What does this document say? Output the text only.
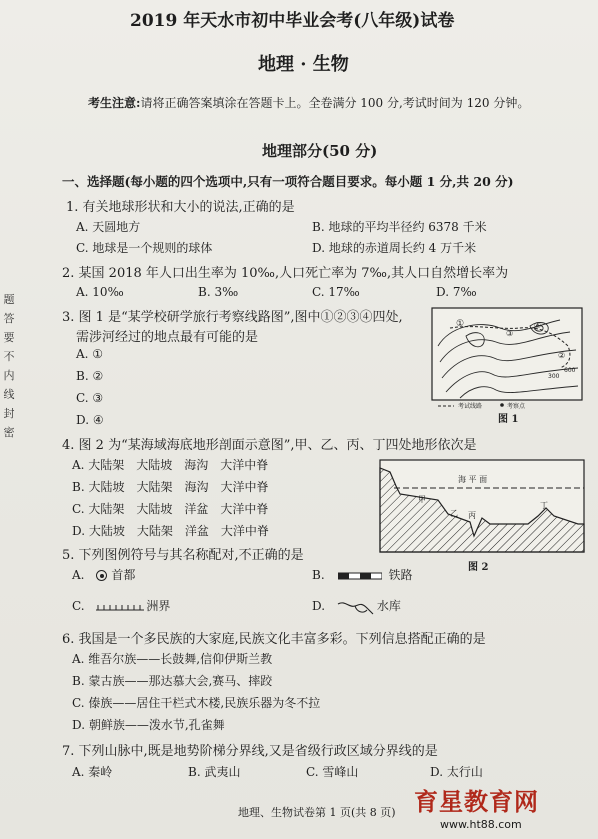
题
答
要
不
内
线
封
密
2019 年天水市初中毕业会考(八年级)试卷
地理 · 生物
考生注意:请将正确答案填涂在答题卡上。全卷满分 100 分,考试时间为 120 分钟。
地理部分(50 分)
一、选择题(每小题的四个选项中,只有一项符合题目要求。每小题 1 分,共 20 分)
1. 有关地球形状和大小的说法,正确的是
A. 天圆地方	B. 地球的平均半径约 6378 千米
C. 地球是一个规则的球体	D. 地球的赤道周长约 4 万千米
2. 某国 2018 年人口出生率为 10‰,人口死亡率为 7‰,其人口自然增长率为
A. 10‰	B. 3‰	C. 17‰	D. 7‰
3. 图 1 是“某学校研学旅行考察线路图”,图中①②③④四处,
需涉河经过的地点最有可能的是
A. ①
B. ②
C. ③
D. ④
①	④
③
②
300
600
考试线路	考察点
图 1
4. 图 2 为“某海域海底地形剖面示意图”,甲、乙、丙、丁四处地形依次是
A. 大陆架　大陆坡　海沟　大洋中脊
B. 大陆坡　大陆架　海沟　大洋中脊
C. 大陆架　大陆坡　洋盆　大洋中脊
D. 大陆坡　大陆架　洋盆　大洋中脊
海 平 面
甲
乙 丙
丁
图 2
5. 下列图例符号与其名称配对,不正确的是
A. 首都	B.	铁路
C.	洲界	D.	水库
6. 我国是一个多民族的大家庭,民族文化丰富多彩。下列信息搭配正确的是
A. 维吾尔族——长鼓舞,信仰伊斯兰教
B. 蒙古族——那达慕大会,赛马、摔跤
C. 傣族——居住干栏式木楼,民族乐器为冬不拉
D. 朝鲜族——泼水节,孔雀舞
7. 下列山脉中,既是地势阶梯分界线,又是省级行政区域分界线的是
A. 秦岭	B. 武夷山	C. 雪峰山	D. 太行山
地理、生物试卷第 1 页(共 8 页) 育星教育网
www.ht88.com
